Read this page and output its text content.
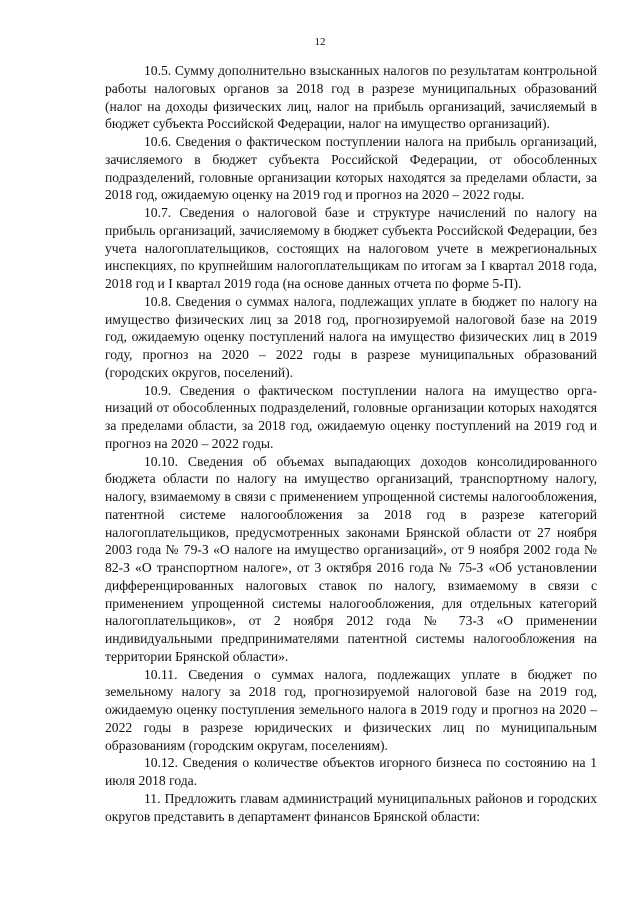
12

10.5. Сумму дополнительно взысканных налогов по результатам контрольной работы налоговых органов за 2018 год в разрезе муниципальных образований (налог на доходы физических лиц, налог на прибыль организаций, зачисляемый в бюджет субъекта Российской Федерации, налог на имущество организаций).

10.6. Сведения о фактическом поступлении налога на прибыль организаций, зачисляемого в бюджет субъекта Российской Федерации, от обособленных подразделений, головные организации которых находятся за пределами области, за 2018 год, ожидаемую оценку на 2019 год и прогноз на 2020 – 2022 годы.

10.7. Сведения о налоговой базе и структуре начислений по налогу на прибыль организаций, зачисляемому в бюджет субъекта Российской Федерации, без учета налогоплательщиков, состоящих на налоговом учете в межрегиональных инспекциях, по крупнейшим налогоплательщикам по итогам за I квартал 2018 года, 2018 год и I квартал 2019 года (на основе данных отчета по форме 5-П).

10.8. Сведения о суммах налога, подлежащих уплате в бюджет по налогу на имущество физических лиц за 2018 год, прогнозируемой налоговой базе на 2019 год, ожидаемую оценку поступлений налога на имущество физических лиц в 2019 году, прогноз на 2020 – 2022 годы в разрезе муниципальных образований (городских округов, поселений).

10.9. Сведения о фактическом поступлении налога на имущество организаций от обособленных подразделений, головные организации которых находятся за пределами области, за 2018 год, ожидаемую оценку поступлений на 2019 год и прогноз на 2020 – 2022 годы.

10.10. Сведения об объемах выпадающих доходов консолидированного бюджета области по налогу на имущество организаций, транспортному налогу, налогу, взимаемому в связи с применением упрощенной системы налогообложения, патентной системе налогообложения за 2018 год в разрезе категорий налогоплательщиков, предусмотренных законами Брянской области от 27 ноября 2003 года № 79-З «О налоге на имущество организаций», от 9 ноября 2002 года № 82-З «О транспортном налоге», от 3 октября 2016 года № 75-З «Об установлении дифференцированных налоговых ставок по налогу, взимаемому в связи с применением упрощенной системы налогообложения, для отдельных категорий налогоплательщиков», от 2 ноября 2012 года № 73-З «О применении индивидуальными предпринимателями патентной системы налогообложения на территории Брянской области».

10.11. Сведения о суммах налога, подлежащих уплате в бюджет по земельному налогу за 2018 год, прогнозируемой налоговой базе на 2019 год, ожидаемую оценку поступления земельного налога в 2019 году и прогноз на 2020 – 2022 годы в разрезе юридических и физических лиц по муниципальным образованиям (городским округам, поселениям).

10.12. Сведения о количестве объектов игорного бизнеса по состоянию на 1 июля 2018 года.

11. Предложить главам администраций муниципальных районов и городских округов представить в департамент финансов Брянской области:
